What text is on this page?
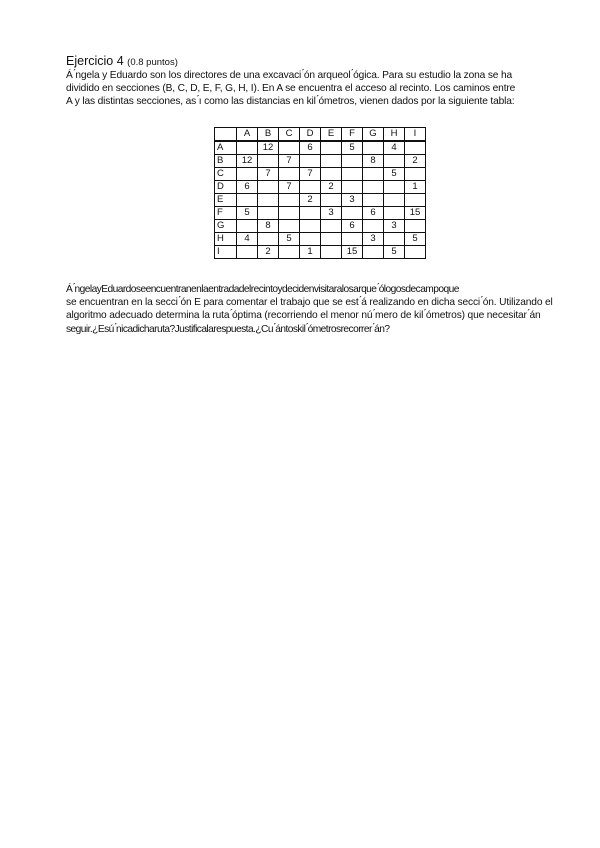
Ejercicio 4 (0.8 puntos)
Á ́ngela y Eduardo son los directores de una excavaci ́ón arqueol ́ógica. Para su estudio la zona se ha
dividido en secciones (B, C, D, E, F, G, H, I). En A se encuentra el acceso al recinto. Los caminos entre
A y las distintas secciones, as ́ı como las distancias en kil ́ómetros, vienen dados por la siguiente tabla:
	A	B	C	D	E	F	G	H	I
A		12		6		5		4	
B	12		7				8		2
C		7		7				5	
D	6		7		2				1
E				2		3			
F	5				3		6		15
G		8				6		3	
H	4		5				3		5
I		2		1		15		5	
Á ́ngelayEduardoseencuentranenlaentradadelrecintoydecidenvisitaralosarque ́ólogosdecampoque
se encuentran en la secci ́ón E para comentar el trabajo que se est ́á realizando en dicha secci ́ón. Utilizando el
algoritmo adecuado determina la ruta ́óptima (recorriendo el menor nú ́mero de kil ́ómetros) que necesitar ́án
seguir.¿Esú ́nicadicharuta?Justificalarespuesta.¿Cu ́ántoskil ́ómetrosrecorrer ́án?
